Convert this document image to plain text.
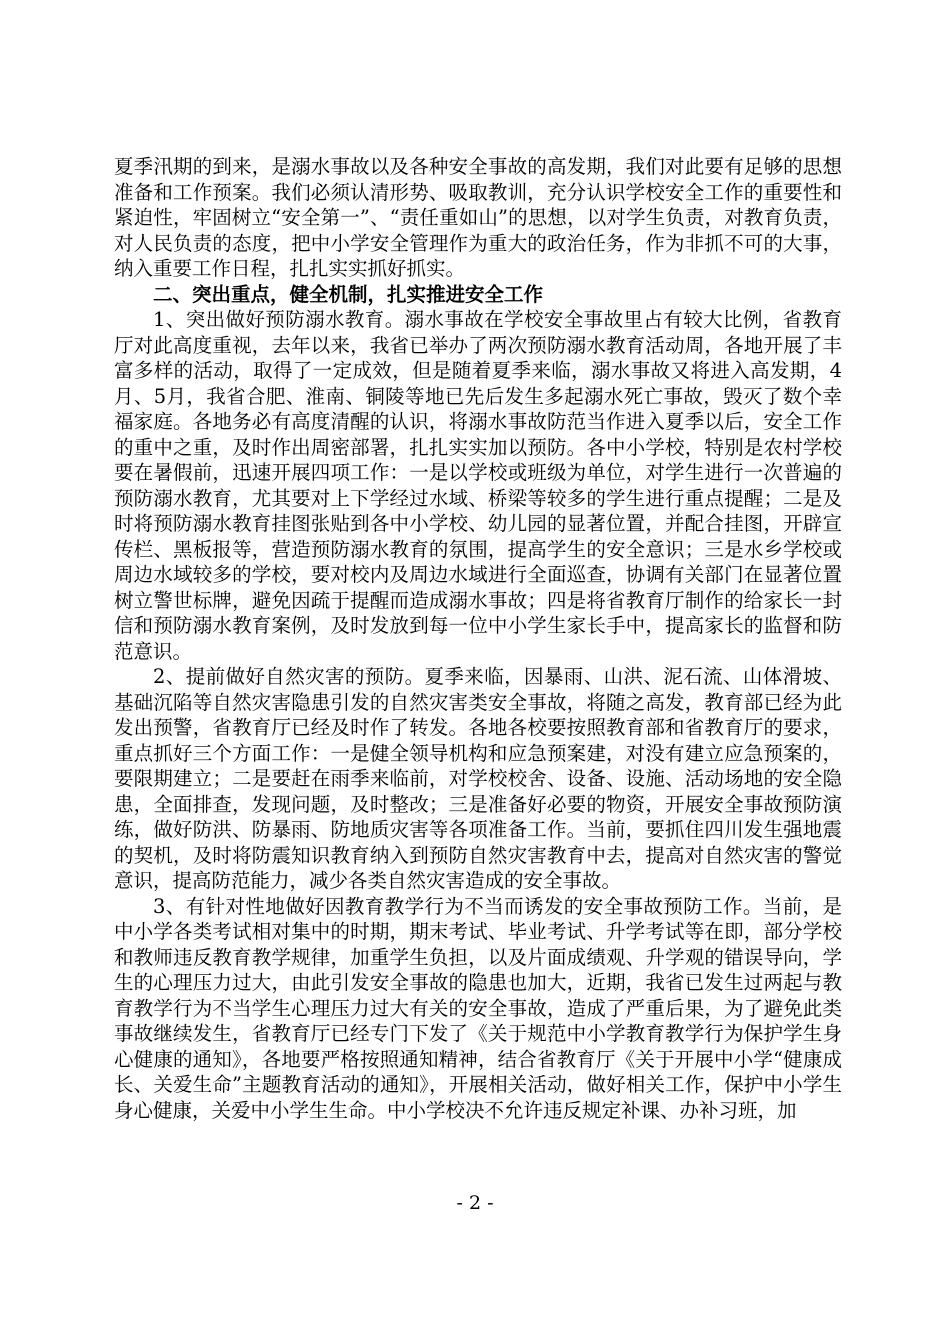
夏季汛期的到来，是溺水事故以及各种安全事故的高发期，我们对此要有足够的思想准备和工作预案。我们必须认清形势、吸取教训，充分认识学校安全工作的重要性和紧迫性，牢固树立“安全第一”、“责任重如山”的思想，以对学生负责，对教育负责，对人民负责的态度，把中小学安全管理作为重大的政治任务，作为非抓不可的大事，纳入重要工作日程，扎扎实实抓好抓实。

二、突出重点，健全机制，扎实推进安全工作

1、突出做好预防溺水教育。溺水事故在学校安全事故里占有较大比例，省教育厅对此高度重视，去年以来，我省已举办了两次预防溺水教育活动周，各地开展了丰富多样的活动，取得了一定成效，但是随着夏季来临，溺水事故又将进入高发期，4月、5月，我省合肥、淮南、铜陵等地已先后发生多起溺水死亡事故，毁灭了数个幸福家庭。各地务必有高度清醒的认识，将溺水事故防范当作进入夏季以后，安全工作的重中之重，及时作出周密部署，扎扎实实加以预防。各中小学校，特别是农村学校要在暑假前，迅速开展四项工作：一是以学校或班级为单位，对学生进行一次普遍的预防溺水教育，尤其要对上下学经过水域、桥梁等较多的学生进行重点提醒；二是及时将预防溺水教育挂图张贴到各中小学校、幼儿园的显著位置，并配合挂图，开辟宣传栏、黑板报等，营造预防溺水教育的氛围，提高学生的安全意识；三是水乡学校或周边水域较多的学校，要对校内及周边水域进行全面巡查，协调有关部门在显著位置树立警世标牌，避免因疏于提醒而造成溺水事故；四是将省教育厅制作的给家长一封信和预防溺水教育案例，及时发放到每一位中小学生家长手中，提高家长的监督和防范意识。

2、提前做好自然灾害的预防。夏季来临，因暴雨、山洪、泥石流、山体滑坡、基础沉陷等自然灾害隐患引发的自然灾害类安全事故，将随之高发，教育部已经为此发出预警，省教育厅已经及时作了转发。各地各校要按照教育部和省教育厅的要求，重点抓好三个方面工作：一是健全领导机构和应急预案建，对没有建立应急预案的，要限期建立；二是要赶在雨季来临前，对学校校舍、设备、设施、活动场地的安全隐患，全面排查，发现问题，及时整改；三是准备好必要的物资，开展安全事故预防演练，做好防洪、防暴雨、防地质灾害等各项准备工作。当前，要抓住四川发生强地震的契机，及时将防震知识教育纳入到预防自然灾害教育中去，提高对自然灾害的警觉意识，提高防范能力，减少各类自然灾害造成的安全事故。

3、有针对性地做好因教育教学行为不当而诱发的安全事故预防工作。当前，是中小学各类考试相对集中的时期，期末考试、毕业考试、升学考试等在即，部分学校和教师违反教育教学规律，加重学生负担，以及片面成绩观、升学观的错误导向，学生的心理压力过大，由此引发安全事故的隐患也加大，近期，我省已发生过两起与教育教学行为不当学生心理压力过大有关的安全事故，造成了严重后果，为了避免此类事故继续发生，省教育厅已经专门下发了《关于规范中小学教育教学行为保护学生身心健康的通知》，各地要严格按照通知精神，结合省教育厅《关于开展中小学“健康成长、关爱生命”主题教育活动的通知》，开展相关活动，做好相关工作，保护中小学生身心健康，关爱中小学生生命。中小学校决不允许违反规定补课、办补习班，加

- 2 -
